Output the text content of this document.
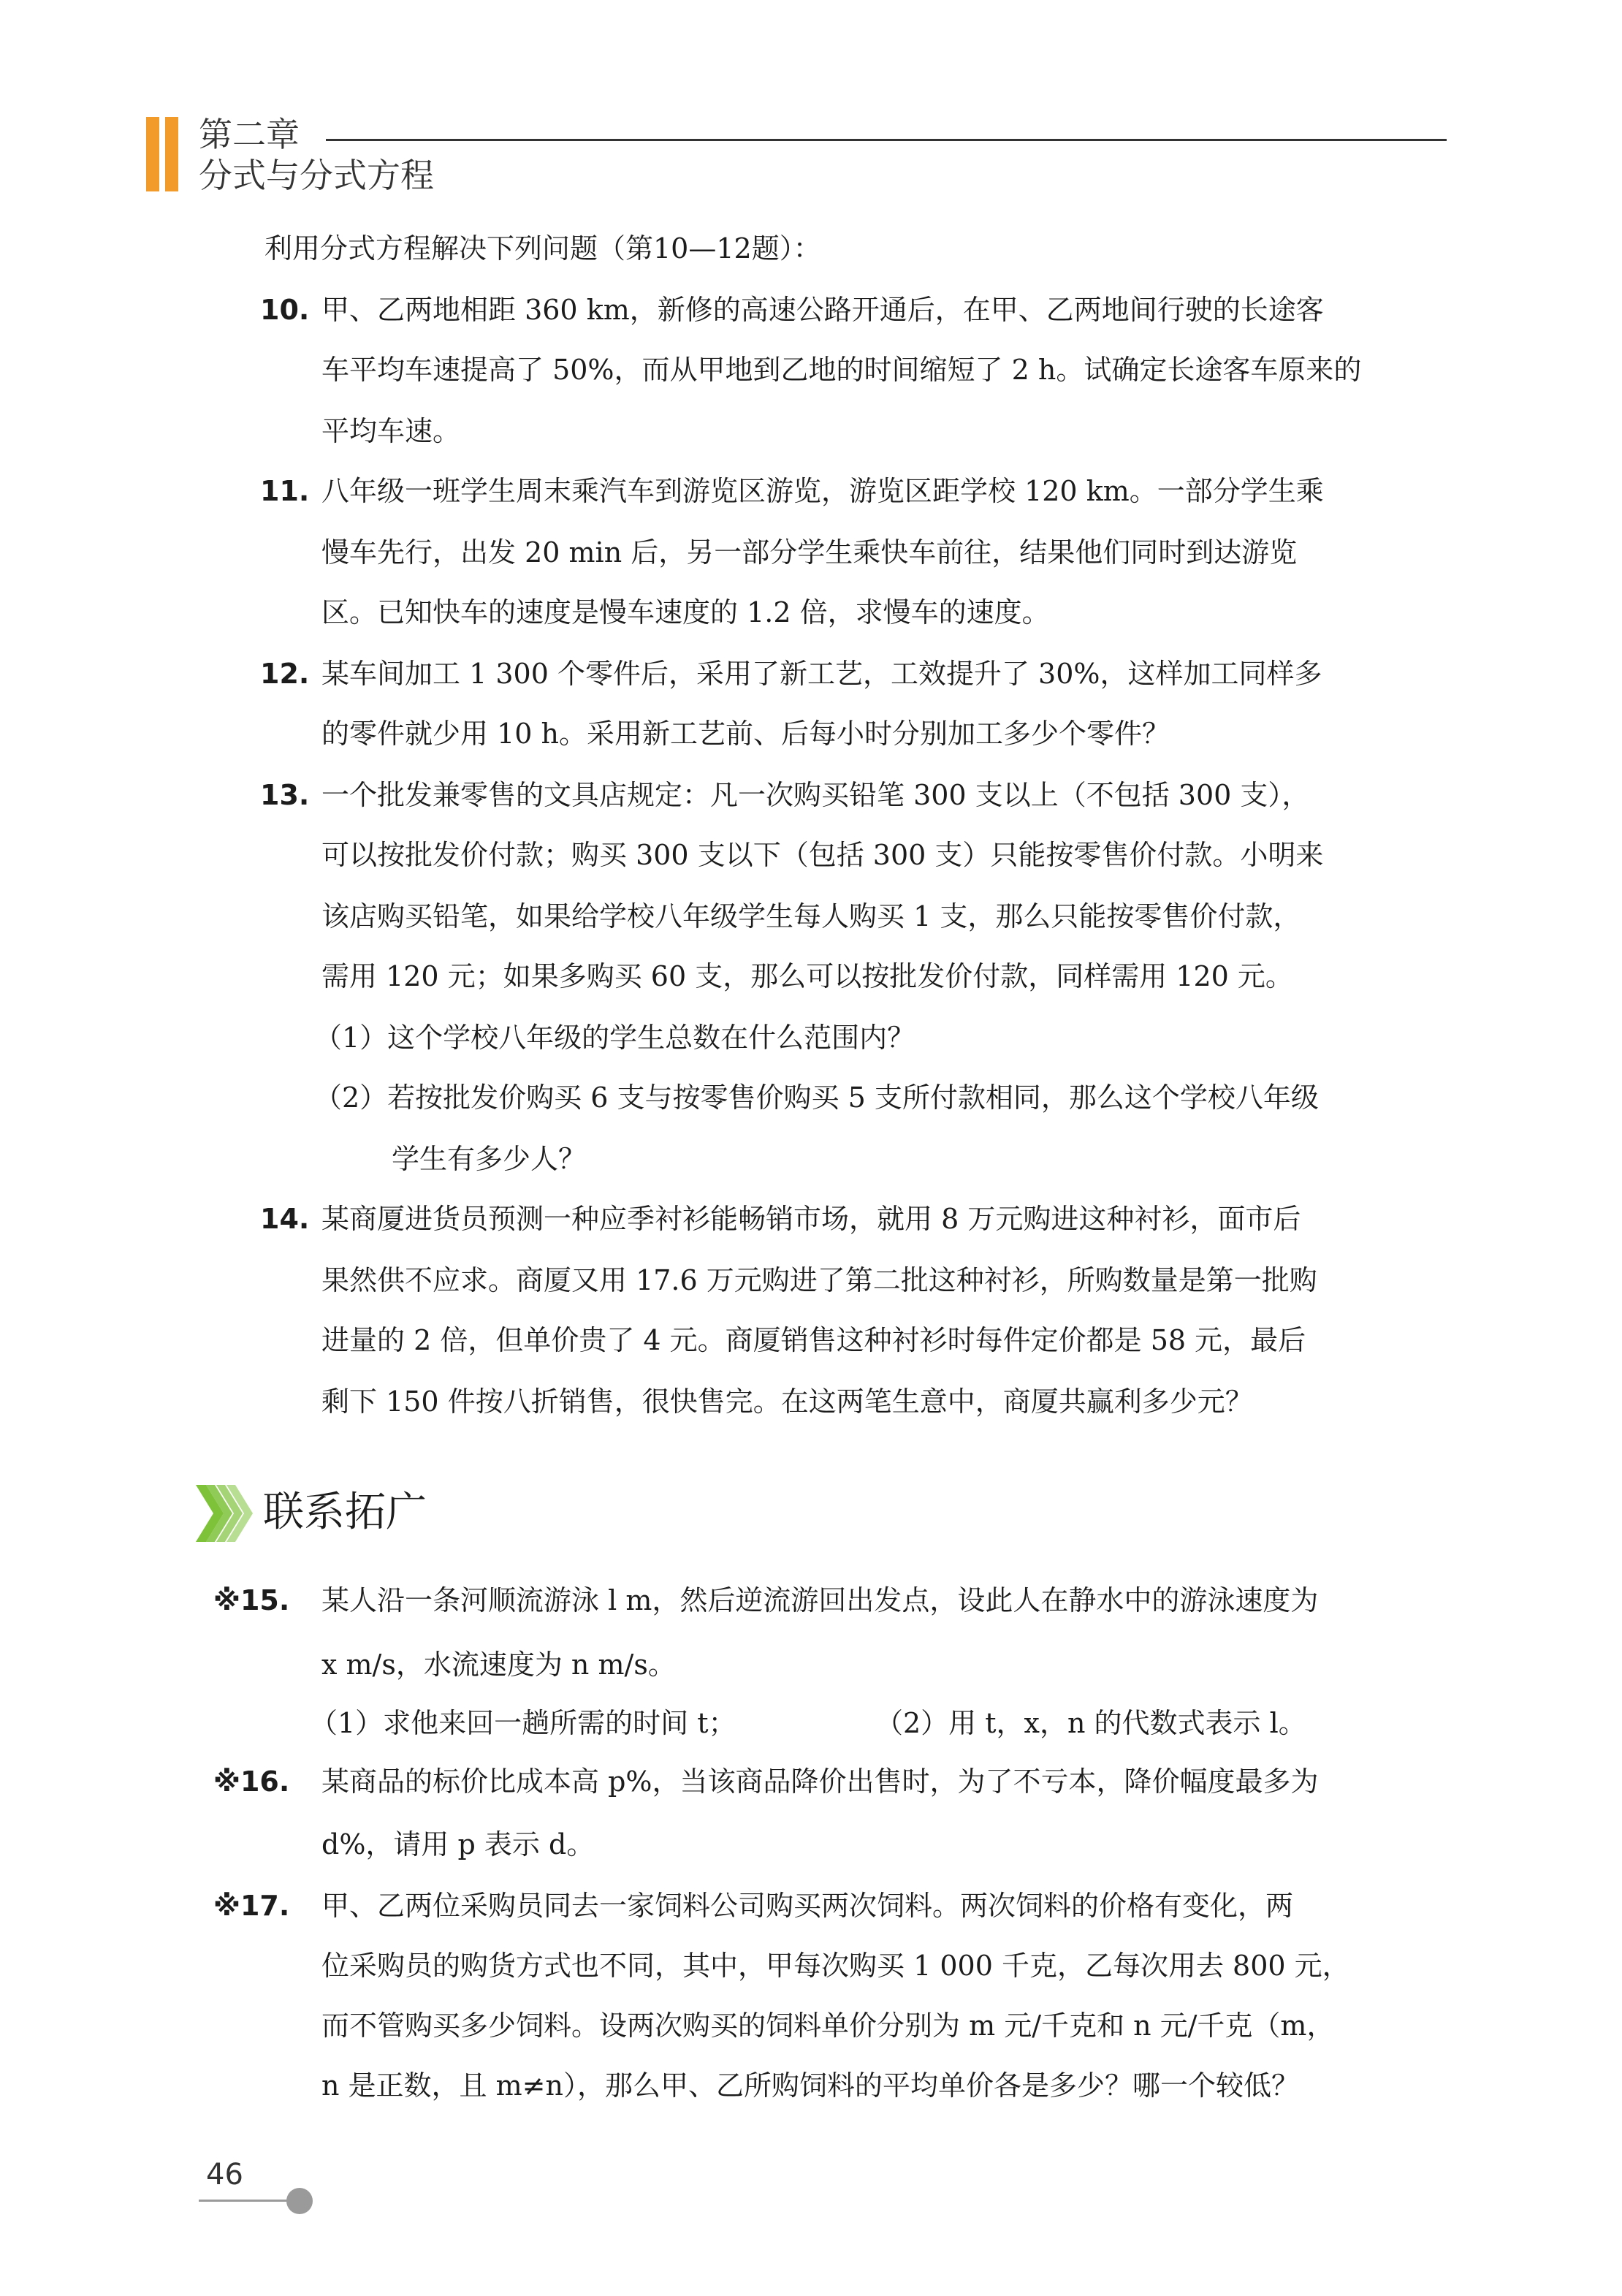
第二章
分式与分式方程
利用分式方程解决下列问题（第10—12题）：
10. 甲、乙两地相距 360 km，新修的高速公路开通后，在甲、乙两地间行驶的长途客
车平均车速提高了 50%，而从甲地到乙地的时间缩短了 2 h。试确定长途客车原来的
平均车速。
11. 八年级一班学生周末乘汽车到游览区游览，游览区距学校 120 km。一部分学生乘
慢车先行，出发 20 min 后，另一部分学生乘快车前往，结果他们同时到达游览
区。已知快车的速度是慢车速度的 1.2 倍，求慢车的速度。
12. 某车间加工 1 300 个零件后，采用了新工艺，工效提升了 30%，这样加工同样多
的零件就少用 10 h。采用新工艺前、后每小时分别加工多少个零件？
13. 一个批发兼零售的文具店规定：凡一次购买铅笔 300 支以上（不包括 300 支），
可以按批发价付款；购买 300 支以下（包括 300 支）只能按零售价付款。小明来
该店购买铅笔，如果给学校八年级学生每人购买 1 支，那么只能按零售价付款，
需用 120 元；如果多购买 60 支，那么可以按批发价付款，同样需用 120 元。
（1）这个学校八年级的学生总数在什么范围内？
（2）若按批发价购买 6 支与按零售价购买 5 支所付款相同，那么这个学校八年级
学生有多少人？
14. 某商厦进货员预测一种应季衬衫能畅销市场，就用 8 万元购进这种衬衫，面市后
果然供不应求。商厦又用 17.6 万元购进了第二批这种衬衫，所购数量是第一批购
进量的 2 倍，但单价贵了 4 元。商厦销售这种衬衫时每件定价都是 58 元，最后
剩下 150 件按八折销售，很快售完。在这两笔生意中，商厦共赢利多少元？
联系拓广
※15. 某人沿一条河顺流游泳 l m，然后逆流游回出发点，设此人在静水中的游泳速度为
x m/s，水流速度为 n m/s。
（1）求他来回一趟所需的时间 t；	（2）用 t，x，n 的代数式表示 l。
※16. 某商品的标价比成本高 p%，当该商品降价出售时，为了不亏本，降价幅度最多为
d%，请用 p 表示 d。
※17. 甲、乙两位采购员同去一家饲料公司购买两次饲料。两次饲料的价格有变化，两
位采购员的购货方式也不同，其中，甲每次购买 1 000 千克，乙每次用去 800 元，
而不管购买多少饲料。设两次购买的饲料单价分别为 m 元/千克和 n 元/千克（m，
n 是正数，且 m≠n），那么甲、乙所购饲料的平均单价各是多少？哪一个较低？
46
